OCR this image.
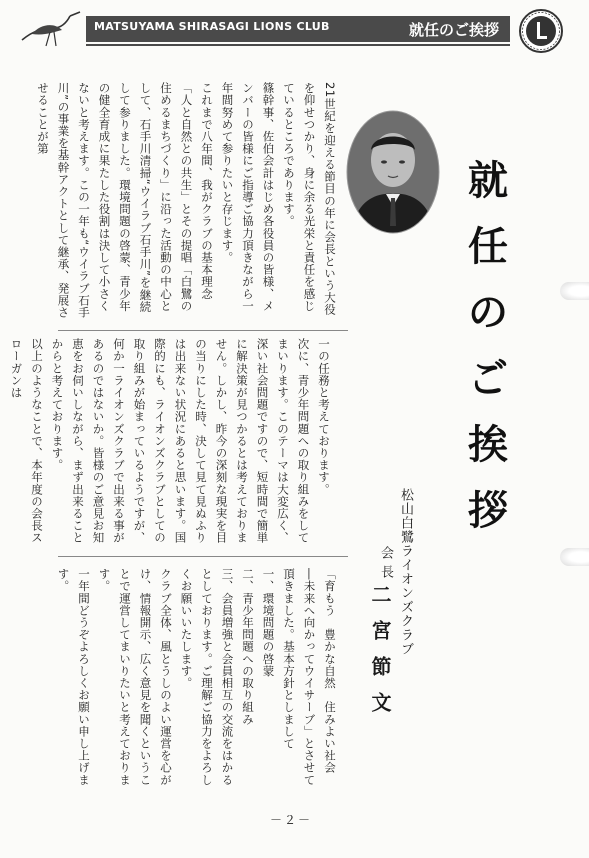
MATSUYAMA SHIRASAGI LIONS CLUB	就任のご挨拶
就
任
の
ご
挨
拶
松山白鷺ライオンズクラブ
会長
二宮節文

21世紀を迎える節目の年に会長という大役を仰せつかり、身に余る光栄と責任を感じているところであります。

篠幹事、佐伯会計はじめ各役員の皆様、メンバーの皆様にご指導ご協力頂きながら一年間努めて参りたいと存じます。

これまで八年間、我がクラブの基本理念「人と自然との共生」とその提唱「白鷺の住めるまちづくり」に沿った活動の中心として、石手川清掃“ウイラブ石手川”を継続して参りました。環境問題の啓蒙、青少年の健全育成に果たした役割は決して小さくないと考えます。この一年も“ウイラブ石手川”の事業を基幹アクトとして継承、発展させることが第

一の任務と考えております。

次に、青少年問題への取り組みをしてまいります。このテーマは大変広く、深い社会問題ですので、短時間で簡単に解決策が見つかるとは考えておりません。しかし、昨今の深刻な現実を目の当りにした時、決して見て見ぬふりは出来ない状況にあると思います。国際的にも、ライオンズクラブとしての取り組みが始まっているようですが、何か一ライオンズクラブで出来る事があるのではないか。皆様のご意見お知恵をお伺いしながら、まず出来ることからと考えております。

以上のようなことで、本年度の会長スローガンは

「育もう　豊かな自然　住みよい社会　―未来へ向かってウイサーブ」とさせて頂きました。基本方針としまして

一、環境問題の啓蒙

二、青少年問題への取り組み

三、会員増強と会員相互の交流をはかる

としております。ご理解ご協力をよろしくお願いいたします。

クラブ全体、風とうしのよい運営を心がけ、情報開示、広く意見を聞くということで運営してまいりたいと考えております。

一年間どうぞよろしくお願い申し上げます。

－２－
